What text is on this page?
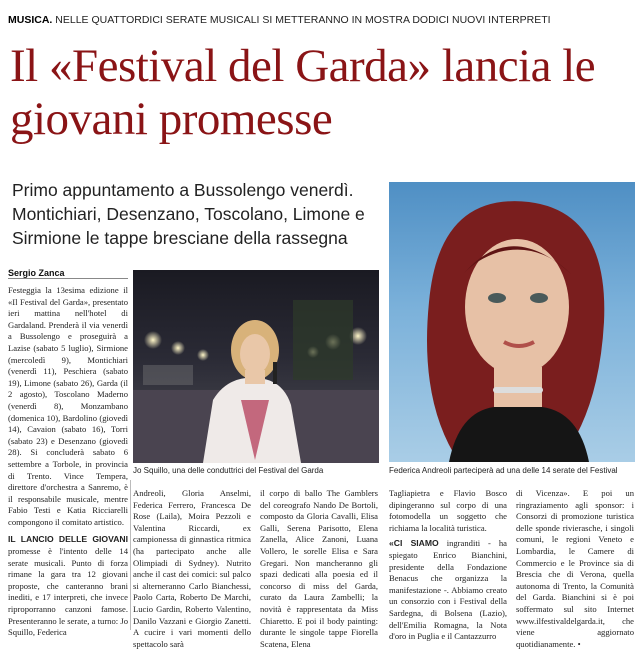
MUSICA. NELLE QUATTORDICI SERATE MUSICALI SI METTERANNO IN MOSTRA DODICI NUOVI INTERPRETI
Il «Festival del Garda» lancia le giovani promesse

Primo appuntamento a Bussolengo venerdì. Montichiari, Desenzano, Toscolano, Limone e Sirmione le tappe bresciane della rassegna

Sergio Zanca

Festeggia la 13esima edizione il «Il Festival del Garda», presentato ieri mattina nell'hotel di Gardaland. Prenderà il via venerdì a Bussolengo e proseguirà a Lazise (sabato 5 luglio), Sirmione (mercoledì 9), Montichiari (venerdì 11), Peschiera (sabato 19), Limone (sabato 26), Garda (il 2 agosto), Toscolano Maderno (venerdì 8), Monzambano (domenica 10), Bardolino (giovedì 14), Cavaion (sabato 16), Torri (sabato 23) e Desenzano (giovedì 28). Si concluderà sabato 6 settembre a Torbole, in provincia di Trento. Vince Tempera, direttore d'orchestra a Sanremo, è il responsabile musicale, mentre Fabio Testi e Katia Ricciarelli compongono il comitato artistico.

IL LANCIO DELLE GIOVANI promesse è l'intento delle 14 serate musicali. Punto di forza rimane la gara tra 12 giovani proposte, che canteranno brani inediti, e 17 interpreti, che invece riproporranno canzoni famose. Presenteranno le serate, a turno: Jo Squillo, Federica

Jo Squillo, una delle conduttrici del Festival del Garda	Federica Andreoli parteciperà ad una delle 14 serate del Festival

Andreoli, Gloria Anselmi, Federica Ferrero, Francesca De Rose (Laila), Moira Pezzoli e Valentina Riccardi, ex campionessa di ginnastica ritmica (ha partecipato anche alle Olimpiadi di Sydney). Nutrito anche il cast dei comici: sul palco si alterneranno Carlo Bianchessi, Paolo Carta, Roberto De Marchi, Lucio Gardin, Roberto Valentino, Danilo Vazzani e Giorgio Zanetti. A cucire i vari momenti dello spettacolo sarà

il corpo di ballo The Gamblers del coreografo Nando De Bortoli, composto da Gloria Cavalli, Elisa Galli, Serena Parisotto, Elena Zanella, Alice Zanoni, Luana Vollero, le sorelle Elisa e Sara Gregari. Non mancheranno gli spazi dedicati alla poesia ed il concorso di miss del Garda, curato da Laura Zambelli; la novità è rappresentata da Miss Chiaretto. E poi il body painting: durante le singole tappe Fiorella Scatena, Elena

Tagliapietra e Flavio Bosco dipingeranno sul corpo di una fotomodella un soggetto che richiama la località turistica.

«CI SIAMO ingranditi - ha spiegato Enrico Bianchini, presidente della Fondazione Benacus che organizza la manifestazione -. Abbiamo creato un consorzio con i Festival della Sardegna, di Bolsena (Lazio), dell'Emilia Romagna, la Nota d'oro in Puglia e il Cantazzurro

di Vicenza». E poi un ringraziamento agli sponsor: i Consorzi di promozione turistica delle sponde rivierasche, i singoli comuni, le regioni Veneto e Lombardia, le Camere di Commercio e le Province sia di Brescia che di Verona, quella autonoma di Trento, la Comunità del Garda. Bianchini si è poi soffermato sul sito Internet www.ilfestivaldelgarda.it, che viene aggiornato quotidianamente. •
